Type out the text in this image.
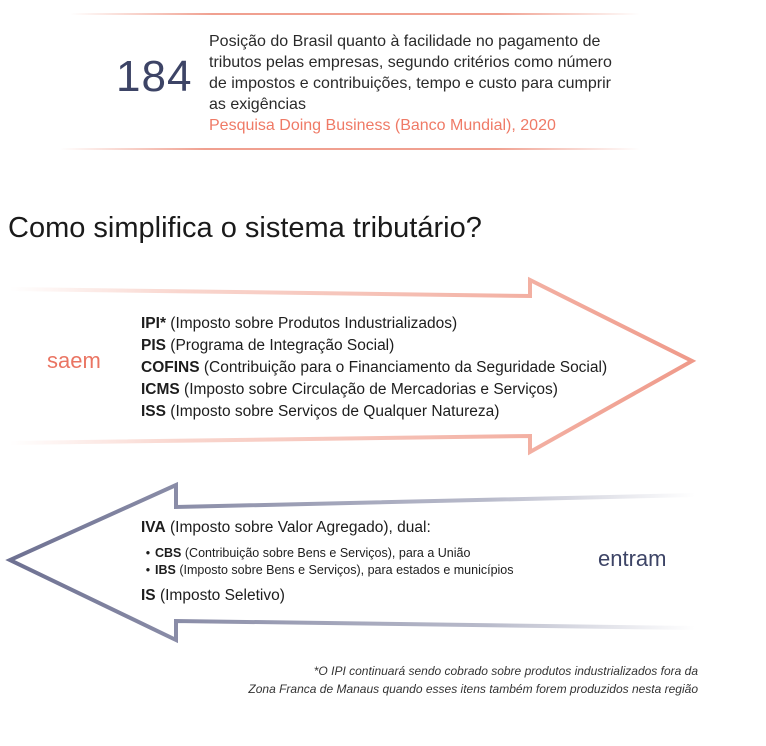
184
Posição do Brasil quanto à facilidade no pagamento de tributos pelas empresas, segundo critérios como número de impostos e contribuições, tempo e custo para cumprir as exigências
Pesquisa Doing Business (Banco Mundial), 2020
Como simplifica o sistema tributário?
saem
IPI* (Imposto sobre Produtos Industrializados)
PIS (Programa de Integração Social)
COFINS (Contribuição para o Financiamento da Seguridade Social)
ICMS (Imposto sobre Circulação de Mercadorias e Serviços)
ISS (Imposto sobre Serviços de Qualquer Natureza)
IVA (Imposto sobre Valor Agregado), dual:
• CBS (Contribuição sobre Bens e Serviços), para a União
• IBS (Imposto sobre Bens e Serviços), para estados e municípios
IS (Imposto Seletivo)
entram
*O IPI continuará sendo cobrado sobre produtos industrializados fora da
Zona Franca de Manaus quando esses itens também forem produzidos nesta região
